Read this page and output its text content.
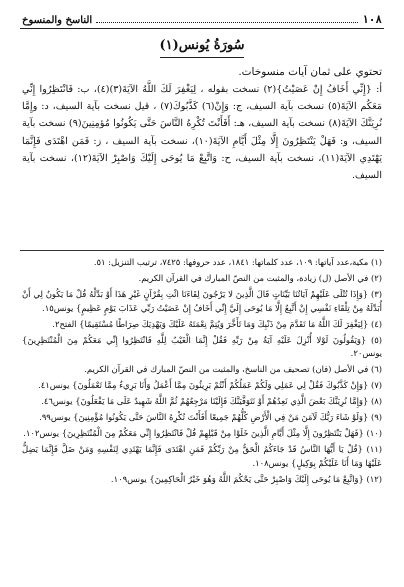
١٠٨
الناسخ والمنسوخ
سُورَةُ يُونس(١)
تحتوي على ثمان آيات منسوخات.
أ: {إِنِّي أَخَافُ إِنْ عَصَيْتُ}(٢) نسخت بقوله ، لِيَغْفِرَ لَكَ اللَّهُ الآيَةَ(٣)(٤)، ب: فَانْتَظِرُوا إِنِّي مَعَكُم الآيَةَ(٥) نسخت بآية السيف، ج: وَإِنْ(٦) كَذَّبُوكَ(٧) ، قيل نسخت بآية السيف، د: وإِمَّا نُرِيَنَّكَ الآيَةَ(٨) نسخت بآية السيف، هـ: أَفَأَنْتَ تُكْرِهُ النَّاسَ حَتَّى يَكُونُوا مُؤمِنِينَ(٩) نسخت بآية السيف، و: فَهَلْ يَنْتَظِرُونَ إِلَّا مِثْلَ أَيَّامِ الآيَةَ(١٠)، نسخت بآية السيف ، ز: فَمَن اهْتَدَى فَإِنَّمَا يَهْتَدِي الآيَةَ(١١)، نسخت بآية السيف، ح: وَاتَّبِعْ مَا يُوحَى إِلَيْكَ وَاصْبِرْ الآيَةَ(١٢)، نسخت بآية السيف.

(١) مكية،عدد آياتها: ١٠٩، عدد كلماتها: ١٨٤١، عدد حروفها: ٧٤٢٥، ترتيب التنزيل: ٥١.

(٢) في الأصل (ل) زيادة، والمثبت من النصّ المبارك في القرآن الكريم.

(٣) {وَإِذَا تُتْلَى عَلَيْهِمْ آيَاتُنَا بَيِّنَاتٍ قَالَ الَّذِينَ لا يَرْجُونَ لِقَاءَنَا ائْتِ بِقُرْآنٍ غَيْرِ هَذَا أَوْ بَدِّلْهُ قُلْ مَا يَكُونُ لِي أَنْ أُبَدِّلَهُ مِنْ تِلْقَاءِ نَفْسِي إِنْ أَتَّبِعُ إِلَّا مَا يُوحَى إِلَيَّ إِنِّي أَخَافُ إِنْ عَصَيْتُ رَبِّي عَذَابَ يَوْمٍ عَظِيمٍ} يونس١٥.

(٤) {لِيَغْفِرَ لَكَ اللَّهُ مَا تَقَدَّمَ مِنْ ذَنْبِكَ وَمَا تَأَخَّرَ وَيُتِمَّ نِعْمَتَهُ عَلَيْكَ وَيَهْدِيَكَ صِرَاطًا مُسْتَقِيمًا} الفتح٢.

(٥) {وَيَقُولُونَ لَوْلا أُنْزِلَ عَلَيْهِ آيَةٌ مِنْ رَبِّهِ فَقُلْ إِنَّمَا الْغَيْبُ لِلَّهِ فَانْتَظِرُوا إِنِّي مَعَكُمْ مِنَ الْمُنْتَظِرِينَ} يونس٢٠.

(٦) في الأصل (فان) تصحيف من الناسخ، والمثبت من النصّ المبارك في القرآن الكريم.

(٧) {وَإِنْ كَذَّبُوكَ فَقُلْ لِي عَمَلِي وَلَكُمْ عَمَلُكُمْ أَنْتُمْ بَرِيئُونَ مِمَّا أَعْمَلُ وَأَنَا بَرِيءٌ مِمَّا تَعْمَلُونَ} يونس٤١.

(٨) {وَإِمَّا نُرِيَنَّكَ بَعْضَ الَّذِي نَعِدُهُمْ أَوْ نَتَوَفَّيَنَّكَ فَإِلَيْنَا مَرْجِعُهُمْ ثُمَّ اللَّهُ شَهِيدٌ عَلَى مَا يَفْعَلُونَ} يونس٤٦.

(٩) {وَلَوْ شَاءَ رَبُّكَ لَآمَنَ مَنْ فِي الْأَرْضِ كُلُّهُمْ جَمِيعًا أَفَأَنْتَ تُكْرِهُ النَّاسَ حَتَّى يَكُونُوا مُؤْمِنِينَ} يونس٩٩.

(١٠) {فَهَلْ يَنْتَظِرُونَ إِلَّا مِثْلَ أَيَّامِ الَّذِينَ خَلَوْا مِنْ قَبْلِهِمْ قُلْ فَانْتَظِرُوا إِنِّي مَعَكُمْ مِنَ الْمُنْتَظِرِينَ} يونس١٠٢.

(١١) {قُلْ يَا أَيُّهَا النَّاسُ قَدْ جَاءَكُمُ الْحَقُّ مِنْ رَبِّكُمْ فَمَنِ اهْتَدَى فَإِنَّمَا يَهْتَدِي لِنَفْسِهِ وَمَنْ ضَلَّ فَإِنَّمَا يَضِلُّ عَلَيْهَا وَمَا أَنَا عَلَيْكُمْ بِوَكِيلٍ} يونس١٠٨.

(١٢) {وَاتَّبِعْ مَا يُوحَى إِلَيْكَ وَاصْبِرْ حَتَّى يَحْكُمَ اللَّهُ وَهُوَ خَيْرُ الْحَاكِمِينَ} يونس١٠٩.
